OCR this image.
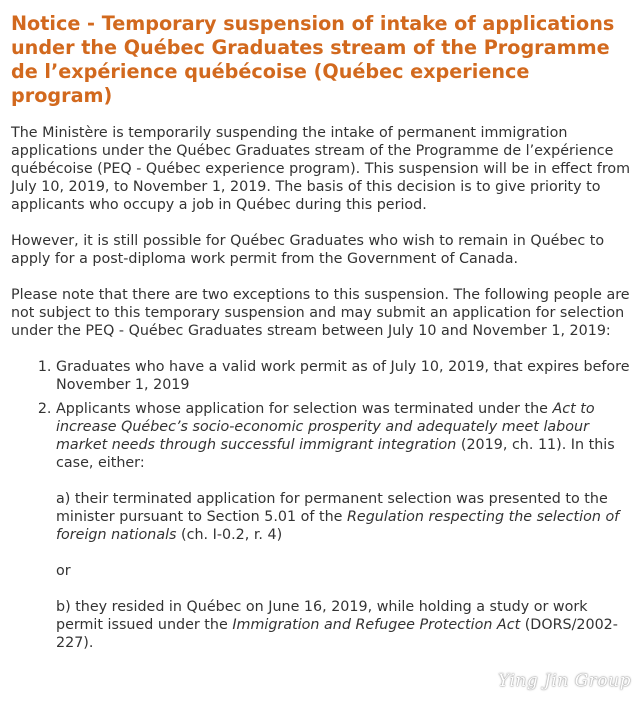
Notice - Temporary suspension of intake of applications under the Québec Graduates stream of the Programme de l’expérience québécoise (Québec experience program)

The Ministère is temporarily suspending the intake of permanent immigration applications under the Québec Graduates stream of the Programme de l’expérience québécoise (PEQ - Québec experience program). This suspension will be in effect from July 10, 2019, to November 1, 2019. The basis of this decision is to give priority to applicants who occupy a job in Québec during this period.

However, it is still possible for Québec Graduates who wish to remain in Québec to apply for a post-diploma work permit from the Government of Canada.

Please note that there are two exceptions to this suspension. The following people are not subject to this temporary suspension and may submit an application for selection under the PEQ - Québec Graduates stream between July 10 and November 1, 2019:

1. Graduates who have a valid work permit as of July 10, 2019, that expires before November 1, 2019
2. Applicants whose application for selection was terminated under the Act to increase Québec’s socio-economic prosperity and adequately meet labour market needs through successful immigrant integration (2019, ch. 11). In this case, either:
a) their terminated application for permanent selection was presented to the minister pursuant to Section 5.01 of the Regulation respecting the selection of foreign nationals (ch. I-0.2, r. 4)
or
b) they resided in Québec on June 16, 2019, while holding a study or work permit issued under the Immigration and Refugee Protection Act (DORS/2002-227).
Ying Jin Group
